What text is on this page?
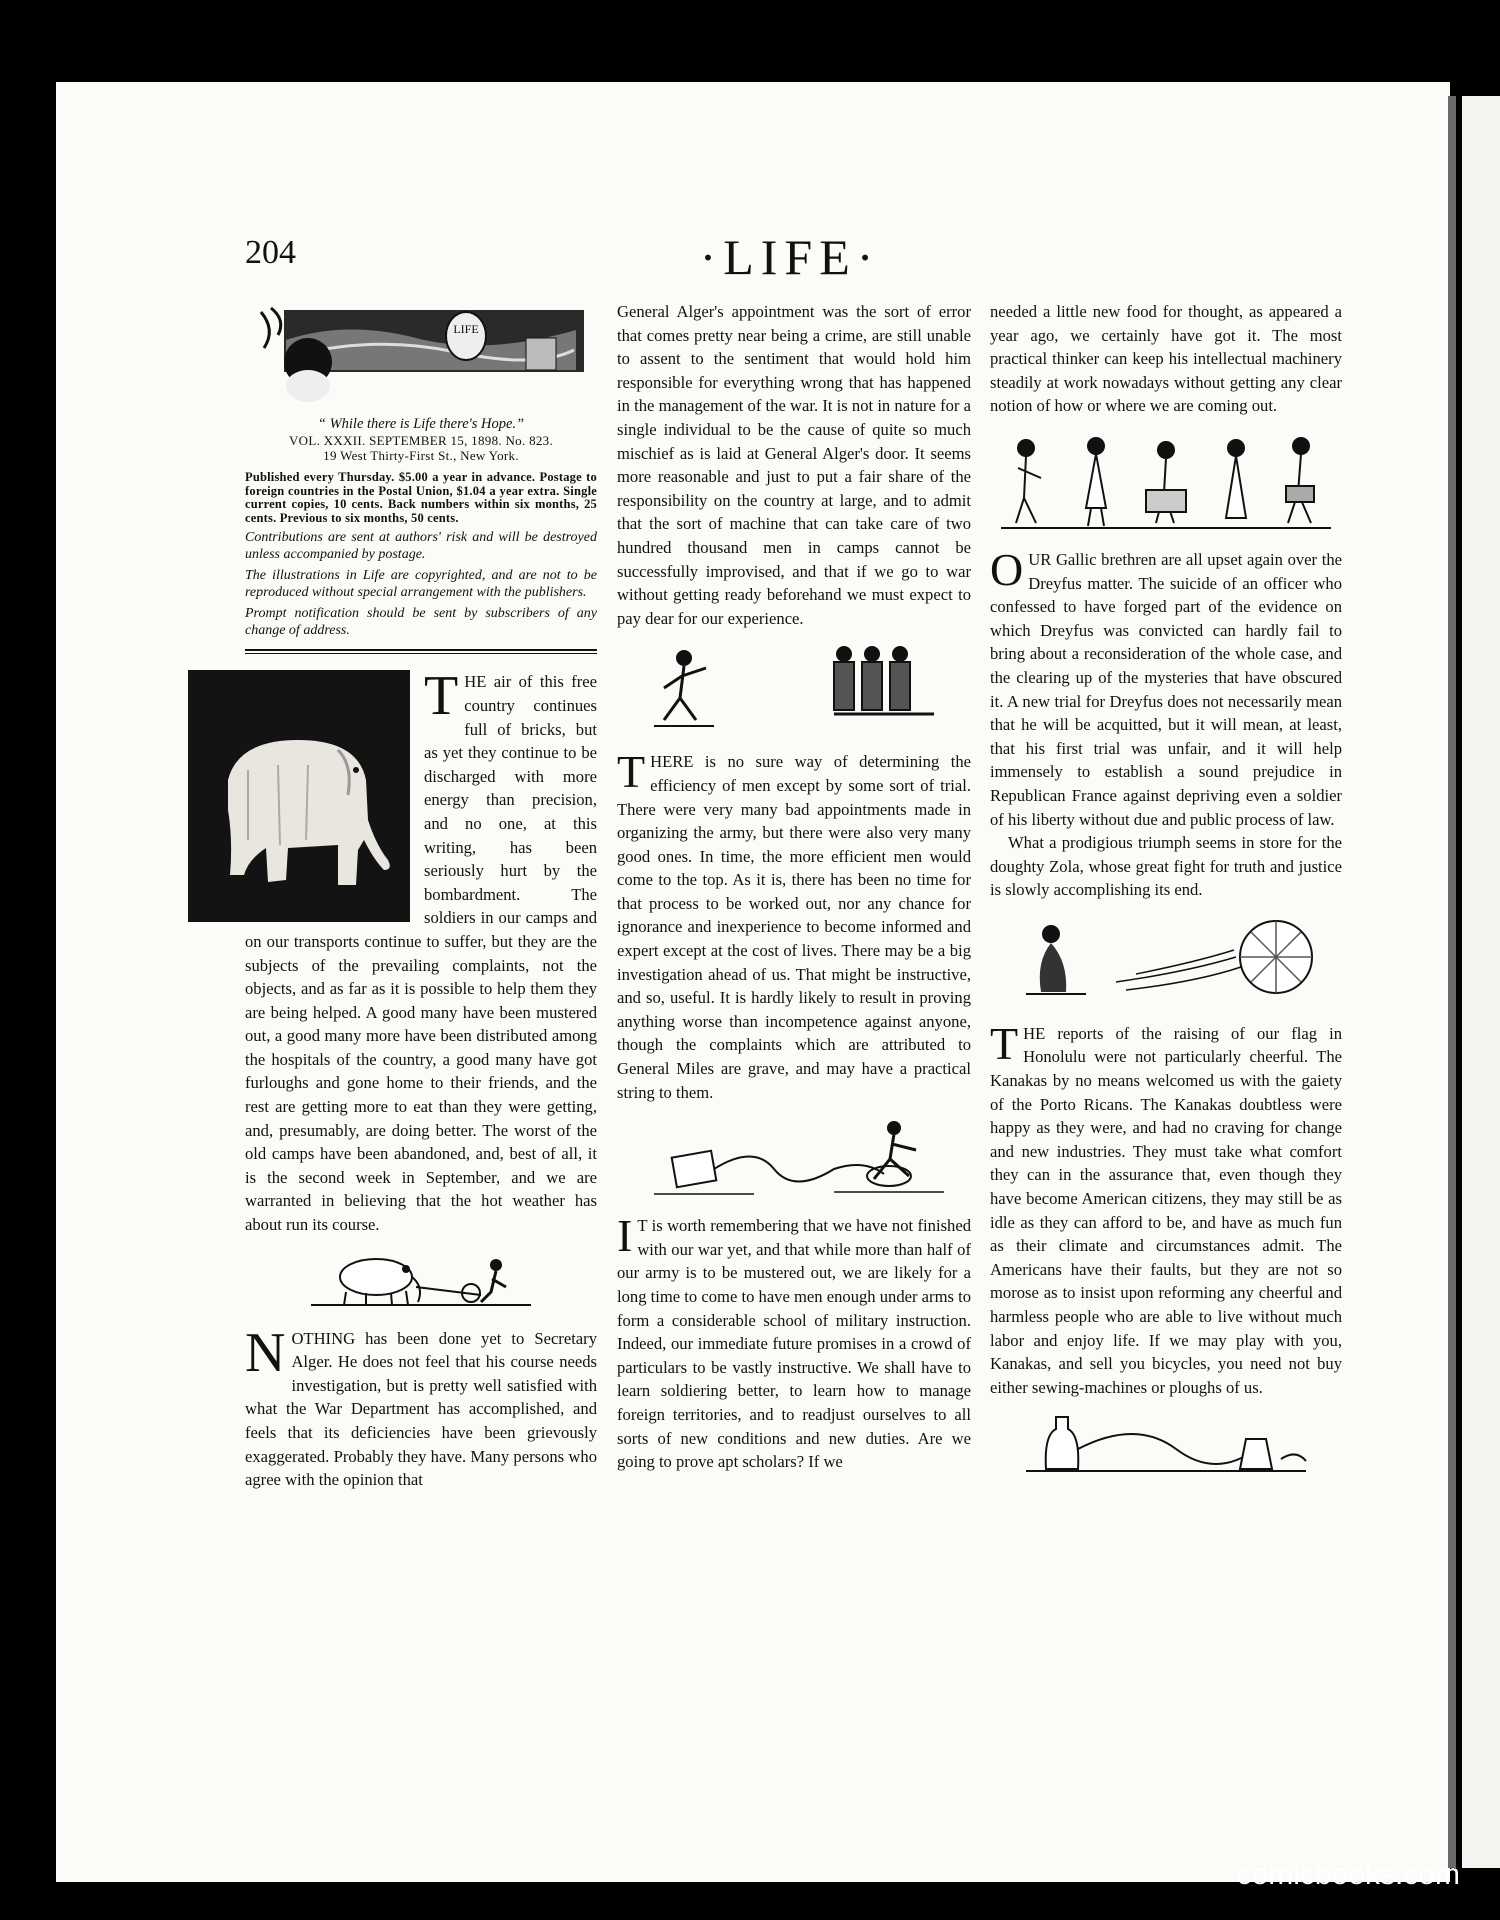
204	·LIFE·
LIFE
“ While there is Life there's Hope.”
VOL. XXXII. SEPTEMBER 15, 1898. No. 823.
19 West Thirty-First St., New York.
Published every Thursday. $5.00 a year in advance. Postage to foreign countries in the Postal Union, $1.04 a year extra. Single current copies, 10 cents. Back numbers within six months, 25 cents. Previous to six months, 50 cents.
Contributions are sent at authors' risk and will be destroyed unless accompanied by postage.
The illustrations in Life are copyrighted, and are not to be reproduced without special arrangement with the publishers.
Prompt notification should be sent by subscribers of any change of address.

THE air of this free country continues full of bricks, but as yet they continue to be discharged with more energy than precision, and no one, at this writing, has been seriously hurt by the bombardment. The soldiers in our camps and on our transports continue to suffer, but they are the subjects of the prevailing complaints, not the objects, and as far as it is possible to help them they are being helped. A good many have been mustered out, a good many more have been distributed among the hospitals of the country, a good many have got furloughs and gone home to their friends, and the rest are getting more to eat than they were getting, and, presumably, are doing better. The worst of the old camps have been abandoned, and, best of all, it is the second week in September, and we are warranted in believing that the hot weather has about run its course.

NOTHING has been done yet to Secretary Alger. He does not feel that his course needs investigation, but is pretty well satisfied with what the War Department has accomplished, and feels that its deficiencies have been grievously exaggerated. Probably they have. Many persons who agree with the opinion that

General Alger's appointment was the sort of error that comes pretty near being a crime, are still unable to assent to the sentiment that would hold him responsible for everything wrong that has happened in the management of the war. It is not in nature for a single individual to be the cause of quite so much mischief as is laid at General Alger's door. It seems more reasonable and just to put a fair share of the responsibility on the country at large, and to admit that the sort of machine that can take care of two hundred thousand men in camps cannot be successfully improvised, and that if we go to war without getting ready beforehand we must expect to pay dear for our experience.

THERE is no sure way of determining the efficiency of men except by some sort of trial. There were very many bad appointments made in organizing the army, but there were also very many good ones. In time, the more efficient men would come to the top. As it is, there has been no time for that process to be worked out, nor any chance for ignorance and inexperience to become informed and expert except at the cost of lives. There may be a big investigation ahead of us. That might be instructive, and so, useful. It is hardly likely to result in proving anything worse than incompetence against anyone, though the complaints which are attributed to General Miles are grave, and may have a practical string to them.

I T is worth remembering that we have not finished with our war yet, and that while more than half of our army is to be mustered out, we are likely for a long time to come to have men enough under arms to form a considerable school of military instruction. Indeed, our immediate future promises in a crowd of particulars to be vastly instructive. We shall have to learn soldiering better, to learn how to manage foreign territories, and to readjust ourselves to all sorts of new conditions and new duties. Are we going to prove apt scholars? If we

needed a little new food for thought, as appeared a year ago, we certainly have got it. The most practical thinker can keep his intellectual machinery steadily at work nowadays without getting any clear notion of how or where we are coming out.

OUR Gallic brethren are all upset again over the Dreyfus matter. The suicide of an officer who confessed to have forged part of the evidence on which Dreyfus was convicted can hardly fail to bring about a reconsideration of the whole case, and the clearing up of the mysteries that have obscured it. A new trial for Dreyfus does not necessarily mean that he will be acquitted, but it will mean, at least, that his first trial was unfair, and it will help immensely to establish a sound prejudice in Republican France against depriving even a soldier of his liberty without due and public process of law.

What a prodigious triumph seems in store for the doughty Zola, whose great fight for truth and justice is slowly accomplishing its end.

THE reports of the raising of our flag in Honolulu were not particularly cheerful. The Kanakas by no means welcomed us with the gaiety of the Porto Ricans. The Kanakas doubtless were happy as they were, and had no craving for change and new industries. They must take what comfort they can in the assurance that, even though they have become American citizens, they may still be as idle as they can afford to be, and have as much fun as their climate and circumstances admit. The Americans have their faults, but they are not so morose as to insist upon reforming any cheerful and harmless people who are able to live without much labor and enjoy life. If we may play with you, Kanakas, and sell you bicycles, you need not buy either sewing-machines or ploughs of us.

comicbooks.com
